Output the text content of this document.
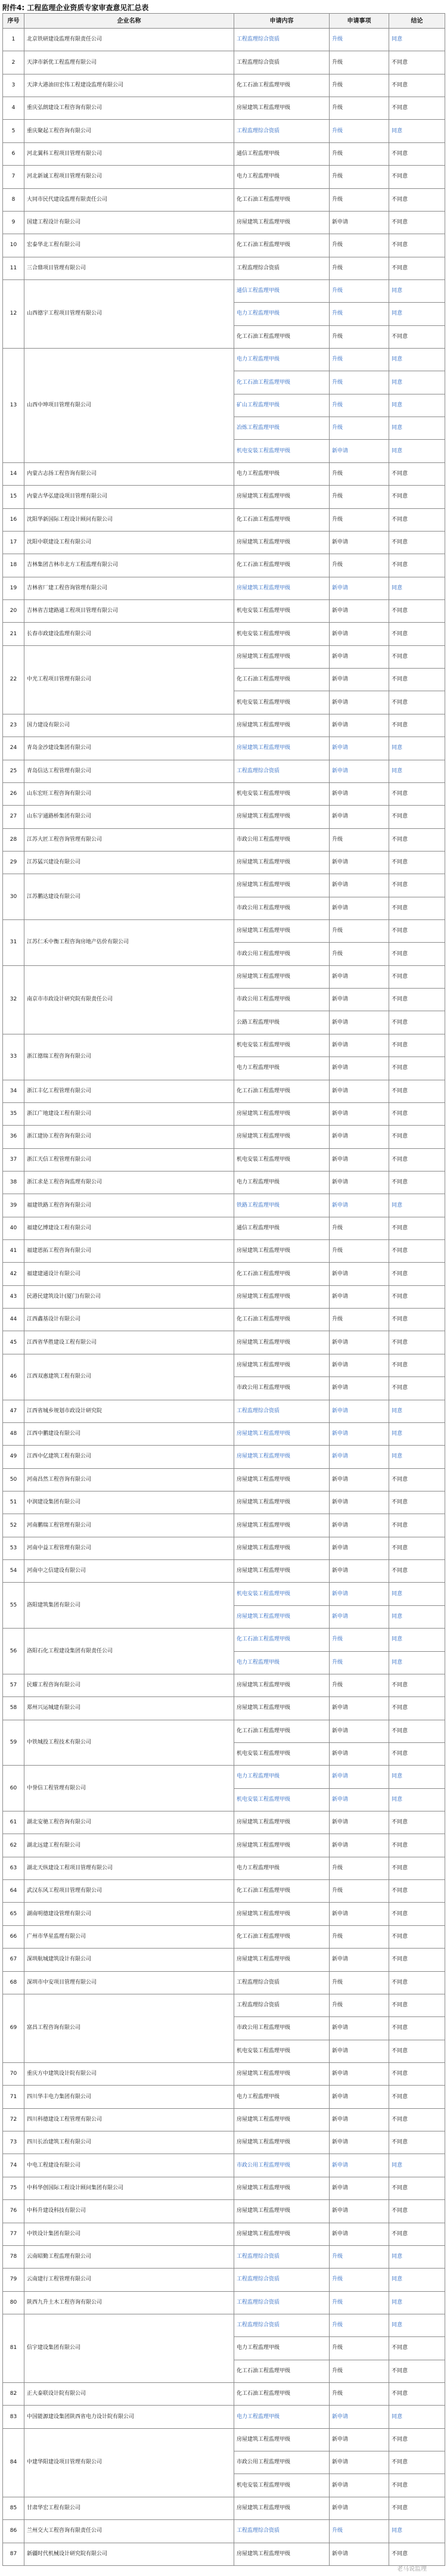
附件4: 工程监理企业资质专家审查意见汇总表
序号	企业名称	申请内容	申请事项	结论
1	北京铁研建设监理有限责任公司	工程监理综合资质	升级	同意
2	天津市新优工程监理有限公司	工程监理综合资质	升级	不同意
3	天津大港油田宏伟工程建设监理有限公司	化工石油工程监理甲级	升级	不同意
4	重庆弘朗建设工程咨询有限公司	房屋建筑工程监理甲级	升级	不同意
5	重庆聚起工程咨询有限公司	工程监理综合资质	升级	同意
6	河北翼科工程项目管理有限公司	通信工程监理甲级	升级	不同意
7	河北新诚工程项目管理有限公司	电力工程监理甲级	升级	不同意
8	大同市民代建设监理有限责任公司	化工石油工程监理甲级	升级	不同意
9	国建工程设计有限公司	房屋建筑工程监理甲级	新申请	不同意
10	宏泰华北工程有限公司	化工石油工程监理甲级	升级	不同意
11	三合鼎项目管理有限公司	工程监理综合资质	升级	不同意
12	山西德宇工程项目管理有限公司	通信工程监理甲级	升级	同意
		电力工程监理甲级	升级	同意
		化工石油工程监理甲级	升级	不同意
13	山西中坤项目管理有限公司	电力工程监理甲级	升级	同意
		化工石油工程监理甲级	升级	同意
		矿山工程监理甲级	升级	同意
		冶炼工程监理甲级	升级	同意
		机电安装工程监理甲级	新申请	同意
14	内蒙古志扬工程咨询有限公司	电力工程监理甲级	升级	不同意
15	内蒙古华弘建设项目管理有限公司	房屋建筑工程监理甲级	升级	不同意
16	沈阳华新国际工程设计顾问有限公司	化工石油工程监理甲级	升级	不同意
17	沈阳中联建设工程有限公司	房屋建筑工程监理甲级	新申请	不同意
18	吉林集团吉林市北方工程监理有限公司	化工石油工程监理甲级	升级	不同意
19	吉林省厂建工程咨询管理有限公司	房屋建筑工程监理甲级	新申请	同意
20	吉林省吉建路通工程项目管理有限公司	机电安装工程监理甲级	新申请	不同意
21	长春市政建设监理有限公司	机电安装工程监理甲级	新申请	不同意
22	中光工程项目管理有限公司	房屋建筑工程监理甲级	新申请	不同意
		化工石油工程监理甲级	新申请	不同意
		机电安装工程监理甲级	新申请	不同意
23	国力建设有限公司	房屋建筑工程监理甲级	新申请	不同意
24	青岛金沙建设集团有限公司	房屋建筑工程监理甲级	新申请	同意
25	青岛信达工程管理有限公司	工程监理综合资质	新申请	同意
26	山东宏旺工程咨询有限公司	机电安装工程监理甲级	新申请	不同意
27	山东宇通路桥集团有限公司	房屋建筑工程监理甲级	新申请	不同意
28	江苏大匠工程咨询管理有限公司	市政公用工程监理甲级	升级	不同意
29	江苏猛兴建设有限公司	房屋建筑工程监理甲级	新申请	不同意
30	江苏鹏达建设有限公司	房屋建筑工程监理甲级	新申请	不同意
		市政公用工程监理甲级	新申请	不同意
31	江苏仁禾中衡工程咨询房地产估价有限公司	房屋建筑工程监理甲级	升级	不同意
		市政公用工程监理甲级	升级	不同意
32	南京市市政设计研究院有限责任公司	房屋建筑工程监理甲级	新申请	不同意
		市政公用工程监理甲级	新申请	不同意
		公路工程监理甲级	新申请	不同意
33	浙江德瑞工程咨询有限公司	机电安装工程监理甲级	新申请	不同意
		电力工程监理甲级	新申请	不同意
34	浙江丰亿工程管理有限公司	化工石油工程监理甲级	新申请	不同意
35	浙江广地建设工程有限公司	房屋建筑工程监理甲级	新申请	不同意
36	浙江建协工程咨询有限公司	房屋建筑工程监理甲级	新申请	不同意
37	浙江天信工程管理有限公司	机电安装工程监理甲级	新申请	不同意
38	浙江求是工程咨询监理有限公司	电力工程监理甲级	新申请	不同意
39	福建铁路工程咨询有限公司	铁路工程监理甲级	新申请	同意
40	福建亿博建设工程有限公司	通信工程监理甲级	升级	不同意
41	福建恩拓工程咨询有限公司	房屋建筑工程监理甲级	升级	不同意
42	福建建通设计有限公司	化工石油工程监理甲级	新申请	不同意
43	民港民建筑设计(厦门)有限公司	房屋建筑工程监理甲级	新申请	不同意
44	江西鑫基设计有限公司	化工石油工程监理甲级	升级	不同意
45	江西省华胜建设工程有限公司	房屋建筑工程监理甲级	新申请	不同意
46	江西双惠建筑工程有限公司	房屋建筑工程监理甲级	新申请	不同意
		市政公用工程监理甲级	新申请	不同意
47	江西省城乡规划市政设计研究院	工程监理综合资质	新申请	同意
48	江西中鹏建设有限公司	房屋建筑工程监理甲级	新申请	同意
49	江西中亿建筑工程有限公司	房屋建筑工程监理甲级	新申请	同意
50	河南昌然工程咨询有限公司	房屋建筑工程监理甲级	新申请	不同意
51	中润建设集团有限公司	房屋建筑工程监理甲级	新申请	不同意
52	河南鹏瑞工程管理有限公司	房屋建筑工程监理甲级	新申请	不同意
53	河南中益工程管理有限公司	房屋建筑工程监理甲级	新申请	不同意
54	河南中之信建设有限公司	房屋建筑工程监理甲级	新申请	不同意
55	洛阳建筑集团有限公司	机电安装工程监理甲级	新申请	同意
		房屋建筑工程监理甲级	新申请	同意
56	洛阳石化工程建设集团有限责任公司	化工石油工程监理甲级	升级	同意
		电力工程监理甲级	升级	同意
57	民耀工程咨询有限公司	房屋建筑工程监理甲级	升级	不同意
58	郑州兴运城建有限公司	房屋建筑工程监理甲级	新申请	不同意
59	中铁城投工程技术有限公司	化工石油工程监理甲级	新申请	不同意
		机电安装工程监理甲级	新申请	不同意
60	中誉信工程管理有限公司	电力工程监理甲级	新申请	同意
		机电安装工程监理甲级	新申请	同意
61	湖北安驰工程咨询有限公司	房屋建筑工程监理甲级	新申请	不同意
62	湖北远建工程有限公司	房屋建筑工程监理甲级	新申请	不同意
63	湖北天纵建设工程项目管理有限公司	电力工程监理甲级	升级	不同意
64	武汉东风工程项目管理有限公司	化工石油工程监理甲级	升级	不同意
65	湖南明德建设管理有限公司	房屋建筑工程监理甲级	新申请	不同意
66	广州市华星监理有限公司	化工石油工程监理甲级	升级	不同意
67	深圳航城建筑设计有限公司	房屋建筑工程监理甲级	新申请	不同意
68	深圳市中安项目管理有限公司	工程监理综合资质	升级	不同意
69	富昌工程咨询有限公司	工程监理综合资质	升级	不同意
		市政公用工程监理甲级	新申请	不同意
		机电安装工程监理甲级	新申请	不同意
70	重庆方中建筑设计院有限公司	房屋建筑工程监理甲级	新申请	不同意
71	四川华丰电力集团有限公司	电力工程监理甲级	新申请	不同意
72	四川科德建设工程管理有限公司	房屋建筑工程监理甲级	新申请	不同意
73	四川长治建筑工程有限公司	房屋建筑工程监理甲级	新申请	不同意
74	中电工程建设有限公司	市政公用工程监理甲级	新申请	同意
75	中科华创国际工程设计顾问集团有限公司	房屋建筑工程监理甲级	新申请	不同意
76	中科升建设科技有限公司	房屋建筑工程监理甲级	新申请	不同意
77	中铁设计集团有限公司	房屋建筑工程监理甲级	新申请	不同意
78	云南昭勤工程监理有限公司	工程监理综合资质	升级	同意
79	云南建行工程管理有限公司	工程监理综合资质	升级	同意
80	陕西九升土木工程咨询有限公司	工程监理综合资质	升级	同意
81	信宇建设集团有限公司	工程监理综合资质	升级	同意
		电力工程监理甲级	升级	不同意
		化工石油工程监理甲级	升级	不同意
82	正大泰联设计院有限公司	化工石油工程监理甲级	升级	不同意
83	中国能源建设集团陕西省电力设计院有限公司	电力工程监理甲级	新申请	同意
84	中建华阳建设项目管理有限公司	房屋建筑工程监理甲级	新申请	不同意
		市政公用工程监理甲级	新申请	不同意
		机电安装工程监理甲级	新申请	不同意
85	甘肃华宏工程有限公司	房屋建筑工程监理甲级	新申请	不同意
86	兰州交大工程咨询有限责任公司	工程监理综合资质	升级	同意
87	新疆时代机械设计研究院有限公司	房屋建筑工程监理甲级	新申请	不同意
老马说监理
